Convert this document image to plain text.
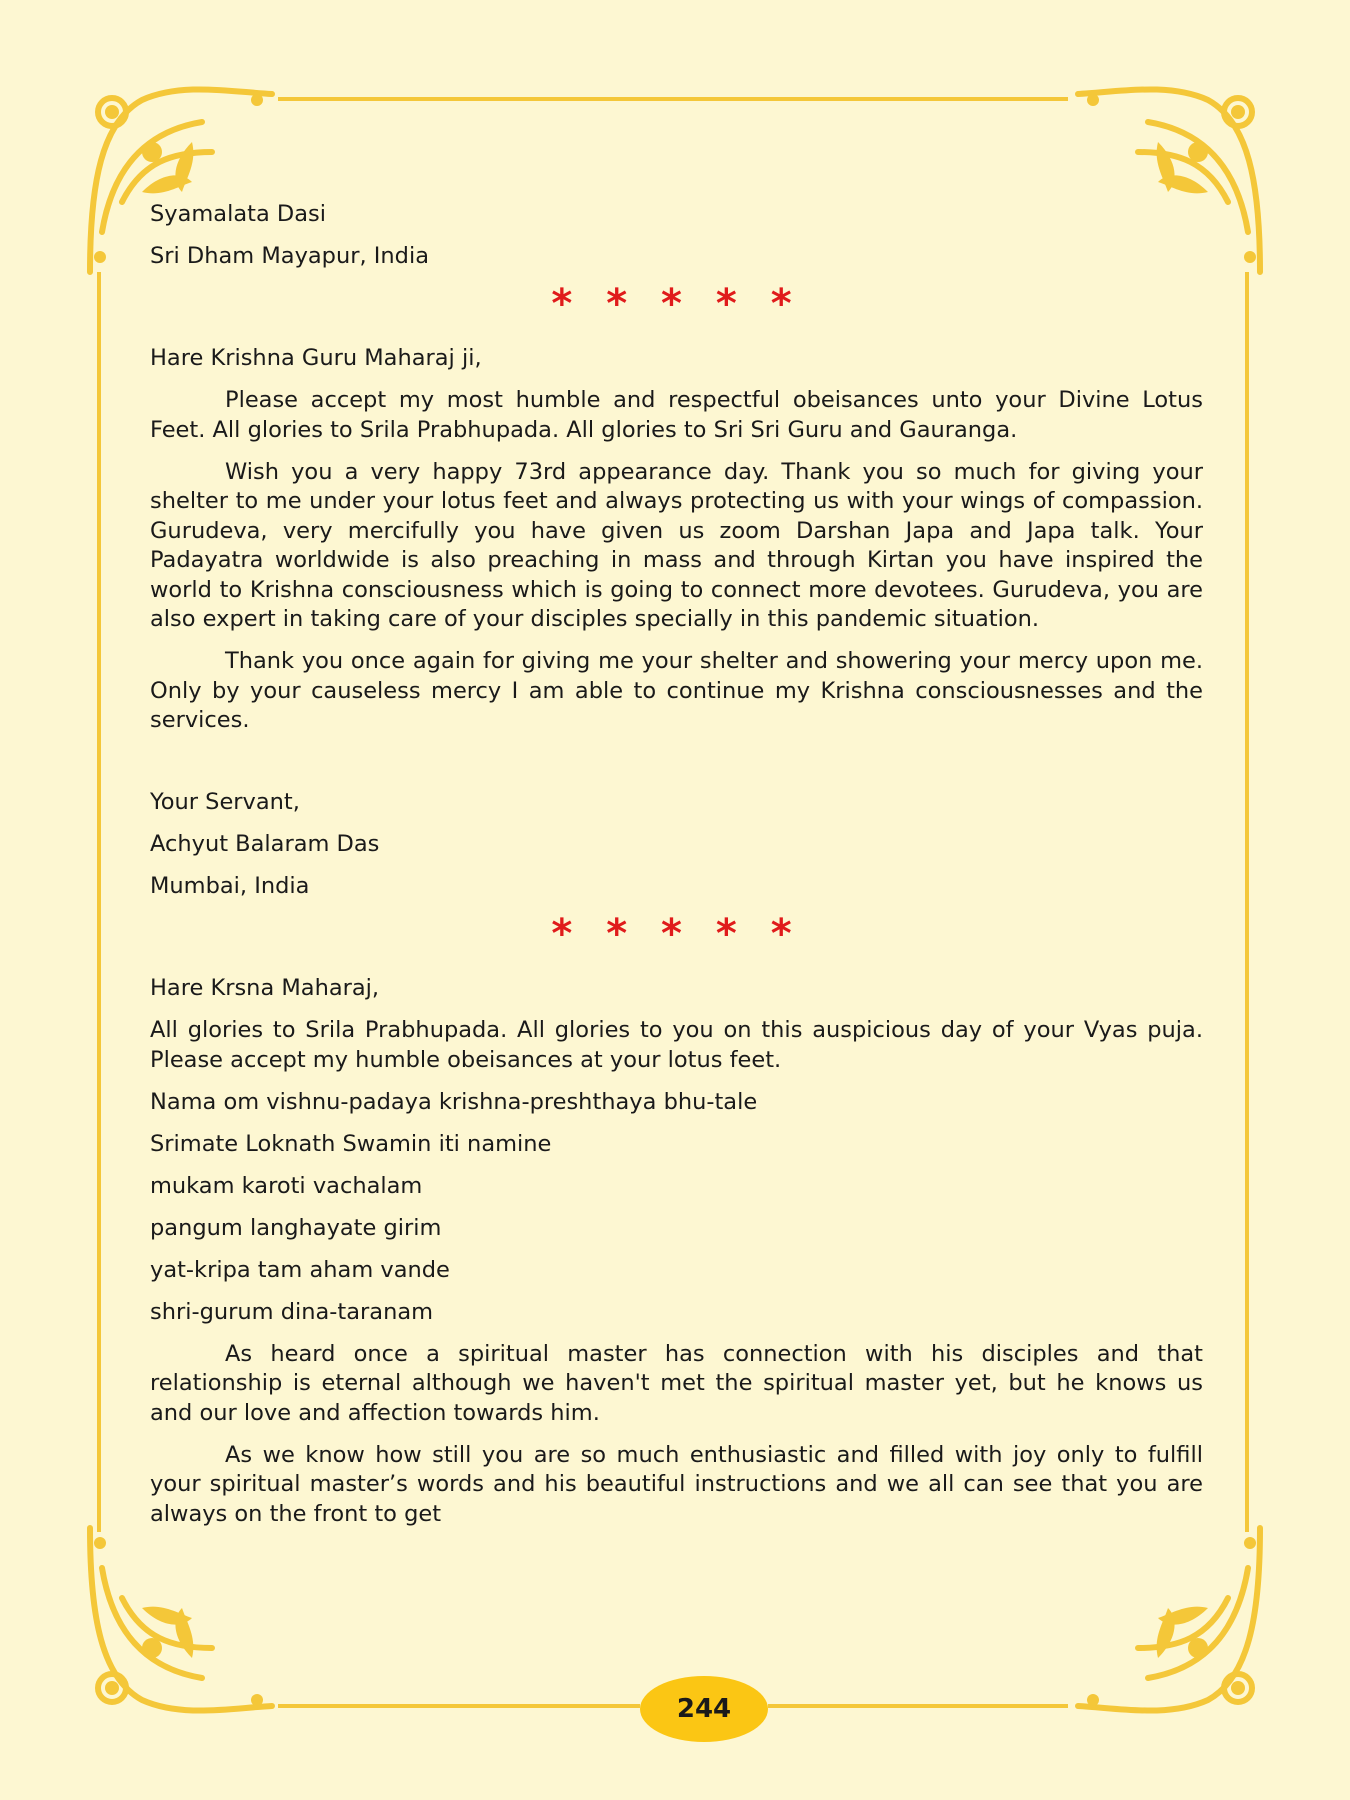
Syamalata Dasi

Sri Dham Mayapur, India

* * * * *

Hare Krishna Guru Maharaj ji,

Please accept my most humble and respectful obeisances unto your Divine Lotus Feet. All glories to Srila Prabhupada. All glories to Sri Sri Guru and Gauranga.

Wish you a very happy 73rd appearance day. Thank you so much for giving your shelter to me under your lotus feet and always protecting us with your wings of compassion. Gurudeva, very mercifully you have given us zoom Darshan Japa and Japa talk. Your Padayatra worldwide is also preaching in mass and through Kirtan you have inspired the world to Krishna consciousness which is going to connect more devotees. Gurudeva, you are also expert in taking care of your disciples specially in this pandemic situation.

Thank you once again for giving me your shelter and showering your mercy upon me. Only by your causeless mercy I am able to continue my Krishna consciousnesses and the services.

Your Servant,

Achyut Balaram Das

Mumbai, India

* * * * *

Hare Krsna Maharaj,

All glories to Srila Prabhupada. All glories to you on this auspicious day of your Vyas puja. Please accept my humble obeisances at your lotus feet.

Nama om vishnu-padaya krishna-preshthaya bhu-tale

Srimate Loknath Swamin iti namine

mukam karoti vachalam

pangum langhayate girim

yat-kripa tam aham vande

shri-gurum dina-taranam

As heard once a spiritual master has connection with his disciples and that relationship is eternal although we haven't met the spiritual master yet, but he knows us and our love and affection towards him.

As we know how still you are so much enthusiastic and filled with joy only to fulfill your spiritual master’s words and his beautiful instructions and we all can see that you are always on the front to get

244
